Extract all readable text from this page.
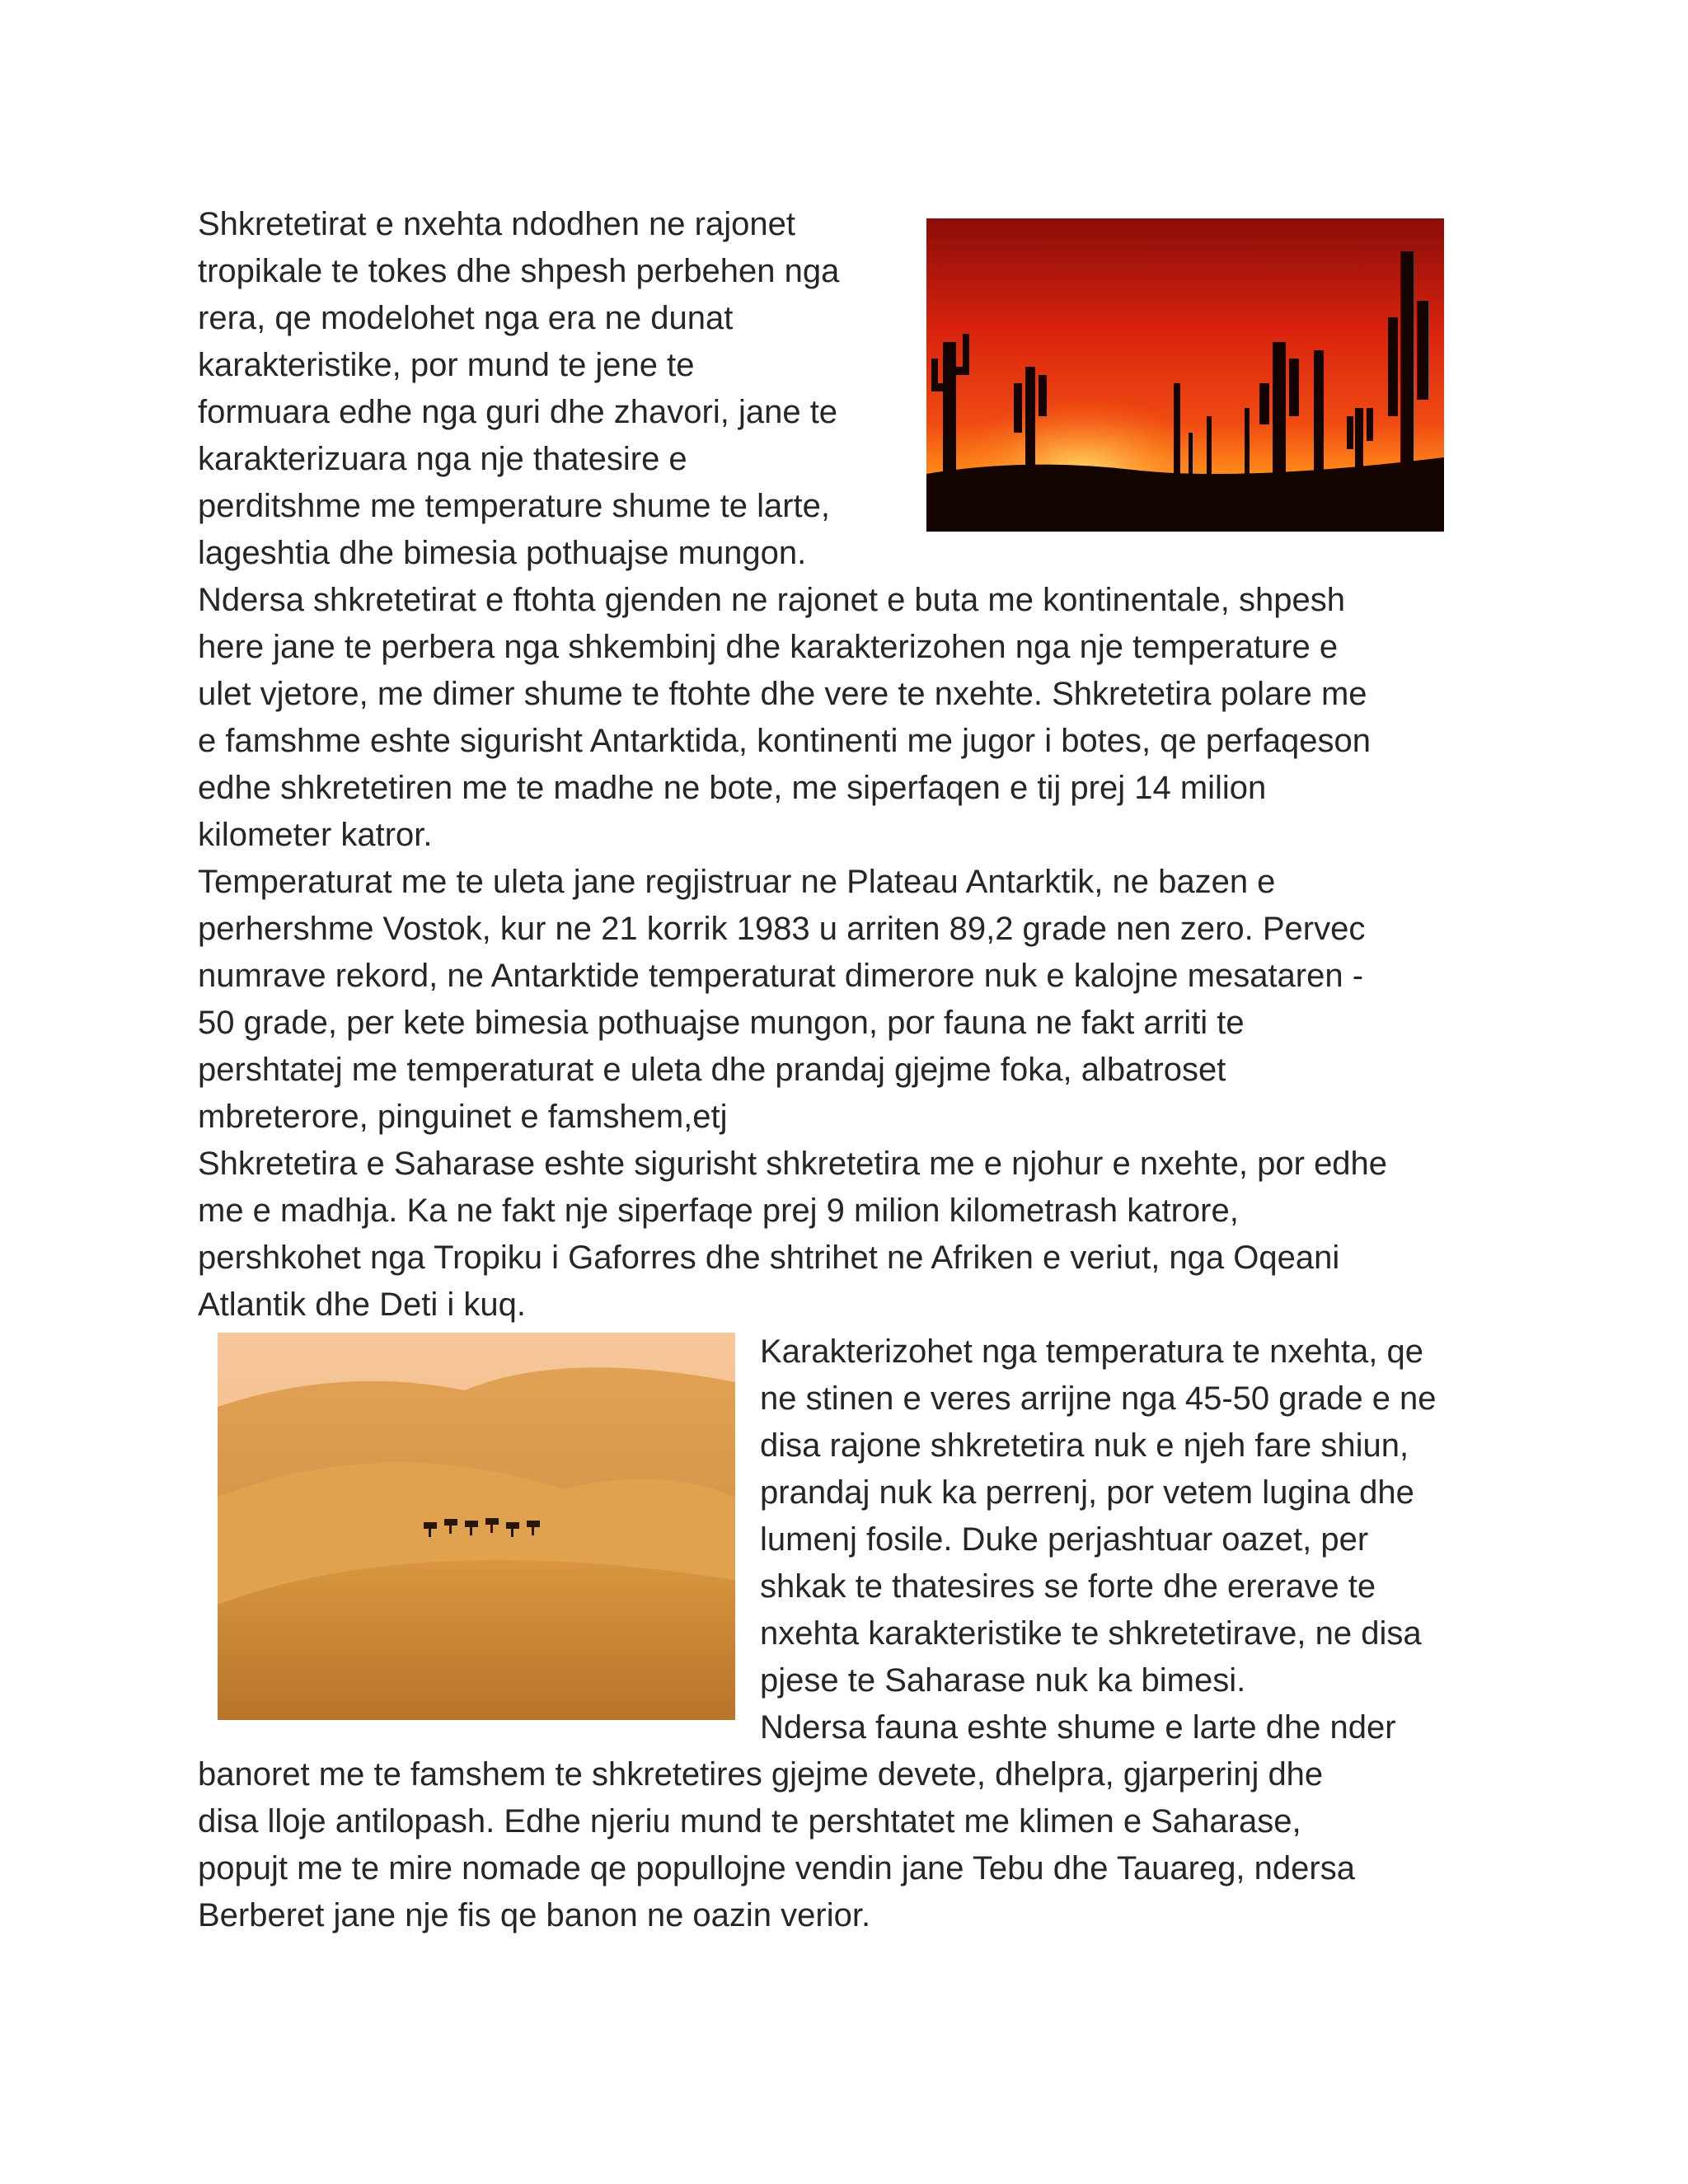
Shkretetirat e nxehta ndodhen ne rajonet
tropikale te tokes dhe shpesh perbehen nga
rera, qe modelohet nga era ne dunat
karakteristike, por mund te jene te
formuara edhe nga guri dhe zhavori, jane te
karakterizuara nga nje thatesire e
perditshme me temperature shume te larte,
lageshtia dhe bimesia pothuajse mungon.
Ndersa shkretetirat e ftohta gjenden ne rajonet e buta me kontinentale, shpesh
here jane te perbera nga shkembinj dhe karakterizohen nga nje temperature e
ulet vjetore, me dimer shume te ftohte dhe vere te nxehte. Shkretetira polare me
e famshme eshte sigurisht Antarktida, kontinenti me jugor i botes, qe perfaqeson
edhe shkretetiren me te madhe ne bote, me siperfaqen e tij prej 14 milion
kilometer katror.
Temperaturat me te uleta jane regjistruar ne Plateau Antarktik, ne bazen e
perhershme Vostok, kur ne 21 korrik 1983 u arriten 89,2 grade nen zero. Pervec
numrave rekord, ne Antarktide temperaturat dimerore nuk e kalojne mesataren -
50 grade, per kete bimesia pothuajse mungon, por fauna ne fakt arriti te
pershtatej me temperaturat e uleta dhe prandaj gjejme foka, albatroset
mbreterore, pinguinet e famshem,etj
Shkretetira e Saharase eshte sigurisht shkretetira me e njohur e nxehte, por edhe
me e madhja. Ka ne fakt nje siperfaqe prej 9 milion kilometrash katrore,
pershkohet nga Tropiku i Gaforres dhe shtrihet ne Afriken e veriut, nga Oqeani
Atlantik dhe Deti i kuq.
Karakterizohet nga temperatura te nxehta, qe
ne stinen e veres arrijne nga 45-50 grade e ne
disa rajone shkretetira nuk e njeh fare shiun,
prandaj nuk ka perrenj, por vetem lugina dhe
lumenj fosile. Duke perjashtuar oazet, per
shkak te thatesires se forte dhe ererave te
nxehta karakteristike te shkretetirave, ne disa
pjese te Saharase nuk ka bimesi.
Ndersa fauna eshte shume e larte dhe nder
banoret me te famshem te shkretetires gjejme devete, dhelpra, gjarperinj dhe
disa lloje antilopash. Edhe njeriu mund te pershtatet me klimen e Saharase,
popujt me te mire nomade qe popullojne vendin jane Tebu dhe Tauareg, ndersa
Berberet jane nje fis qe banon ne oazin verior.
